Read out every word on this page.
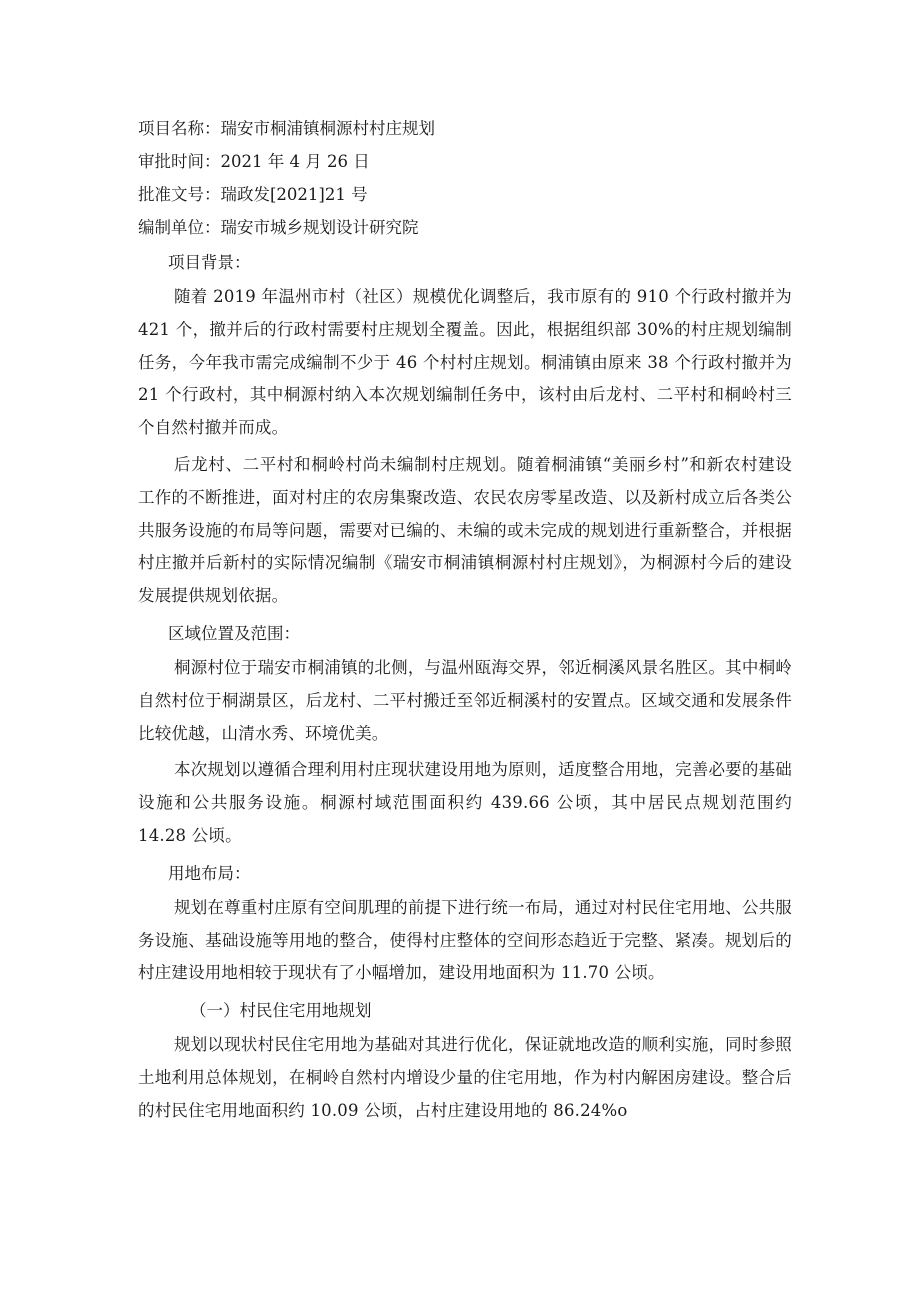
项目名称：瑞安市桐浦镇桐源村村庄规划

审批时间：2021 年 4 月 26 日

批准文号：瑞政发[2021]21 号

编制单位：瑞安市城乡规划设计研究院

项目背景：

随着 2019 年温州市村（社区）规模优化调整后，我市原有的 910 个行政村撤并为 421 个，撤并后的行政村需要村庄规划全覆盖。因此，根据组织部 30%的村庄规划编制任务，今年我市需完成编制不少于 46 个村村庄规划。桐浦镇由原来 38 个行政村撤并为 21 个行政村，其中桐源村纳入本次规划编制任务中，该村由后龙村、二平村和桐岭村三个自然村撤并而成。

后龙村、二平村和桐岭村尚未编制村庄规划。随着桐浦镇“美丽乡村”和新农村建设工作的不断推进，面对村庄的农房集聚改造、农民农房零星改造、以及新村成立后各类公共服务设施的布局等问题，需要对已编的、未编的或未完成的规划进行重新整合，并根据村庄撤并后新村的实际情况编制《瑞安市桐浦镇桐源村村庄规划》，为桐源村今后的建设发展提供规划依据。

区域位置及范围：

桐源村位于瑞安市桐浦镇的北侧，与温州瓯海交界，邻近桐溪风景名胜区。其中桐岭自然村位于桐湖景区，后龙村、二平村搬迁至邻近桐溪村的安置点。区域交通和发展条件比较优越，山清水秀、环境优美。

本次规划以遵循合理利用村庄现状建设用地为原则，适度整合用地，完善必要的基础设施和公共服务设施。桐源村域范围面积约 439.66 公顷，其中居民点规划范围约 14.28 公顷。

用地布局：

规划在尊重村庄原有空间肌理的前提下进行统一布局，通过对村民住宅用地、公共服务设施、基础设施等用地的整合，使得村庄整体的空间形态趋近于完整、紧凑。规划后的村庄建设用地相较于现状有了小幅增加，建设用地面积为 11.70 公顷。

（一）村民住宅用地规划

规划以现状村民住宅用地为基础对其进行优化，保证就地改造的顺利实施，同时参照土地利用总体规划，在桐岭自然村内增设少量的住宅用地，作为村内解困房建设。整合后的村民住宅用地面积约 10.09 公顷，占村庄建设用地的 86.24%o
